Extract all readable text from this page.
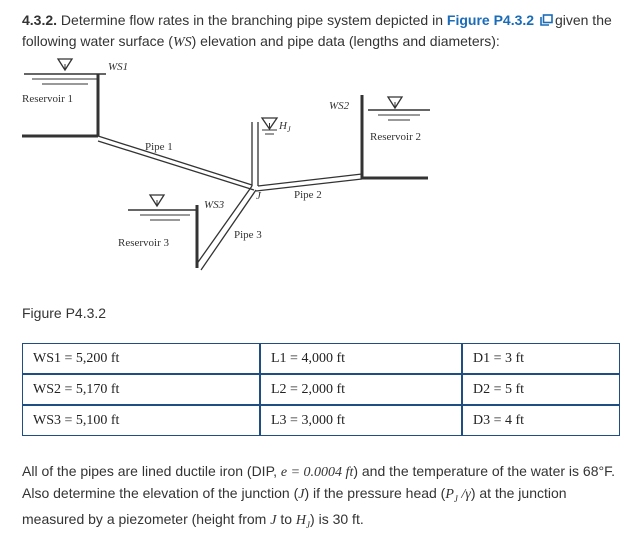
4.3.2. Determine flow rates in the branching pipe system depicted in Figure P4.3.2 given the following water surface (WS) elevation and pipe data (lengths and diameters):
WS1
Reservoir 1
Pipe 1
$H_J$
WS2
Reservoir 2
Pipe 2
J
Pipe 3
WS3
Reservoir 3
Figure P4.3.2
WS1 = 5,200 ft	L1 = 4,000 ft	D1 = 3 ft
WS2 = 5,170 ft	L2 = 2,000 ft	D2 = 5 ft
WS3 = 5,100 ft	L3 = 3,000 ft	D3 = 4 ft
All of the pipes are lined ductile iron (DIP, e = 0.0004 ft) and the temperature of the water is 68°F. Also determine the elevation of the junction (J) if the pressure head ($P_J$ /γ) at the junction measured by a piezometer (height from J to $H_J$) is 30 ft.
